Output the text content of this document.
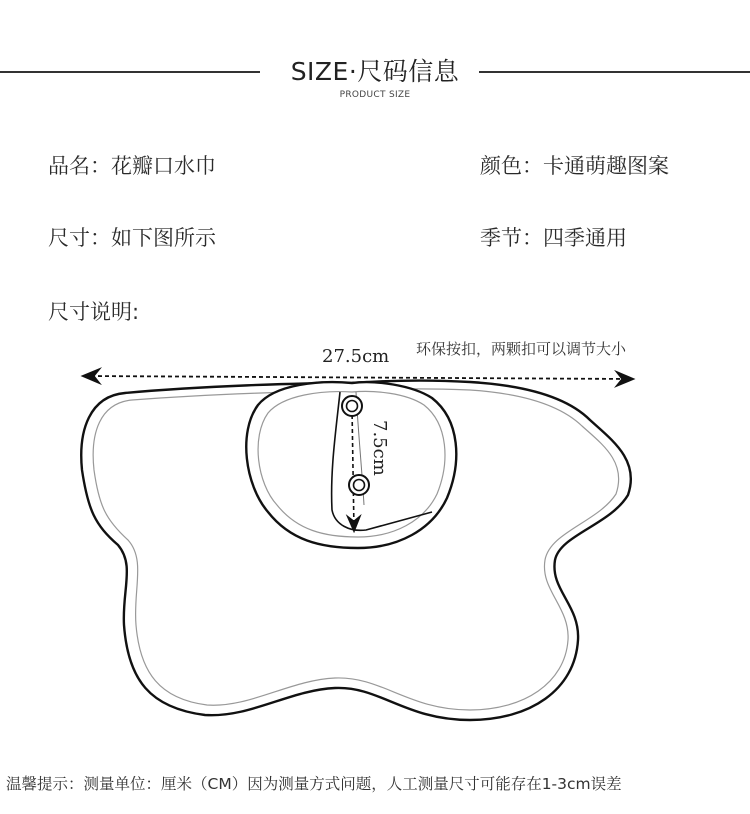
SIZE·尺码信息
PRODUCT SIZE
品名：花瓣口水巾	颜色：卡通萌趣图案
尺寸：如下图所示	季节：四季通用
尺寸说明:
27.5cm
7.5cm
环保按扣，两颗扣可以调节大小
温馨提示：测量单位：厘米（CM）因为测量方式问题，人工测量尺寸可能存在1-3cm误差
